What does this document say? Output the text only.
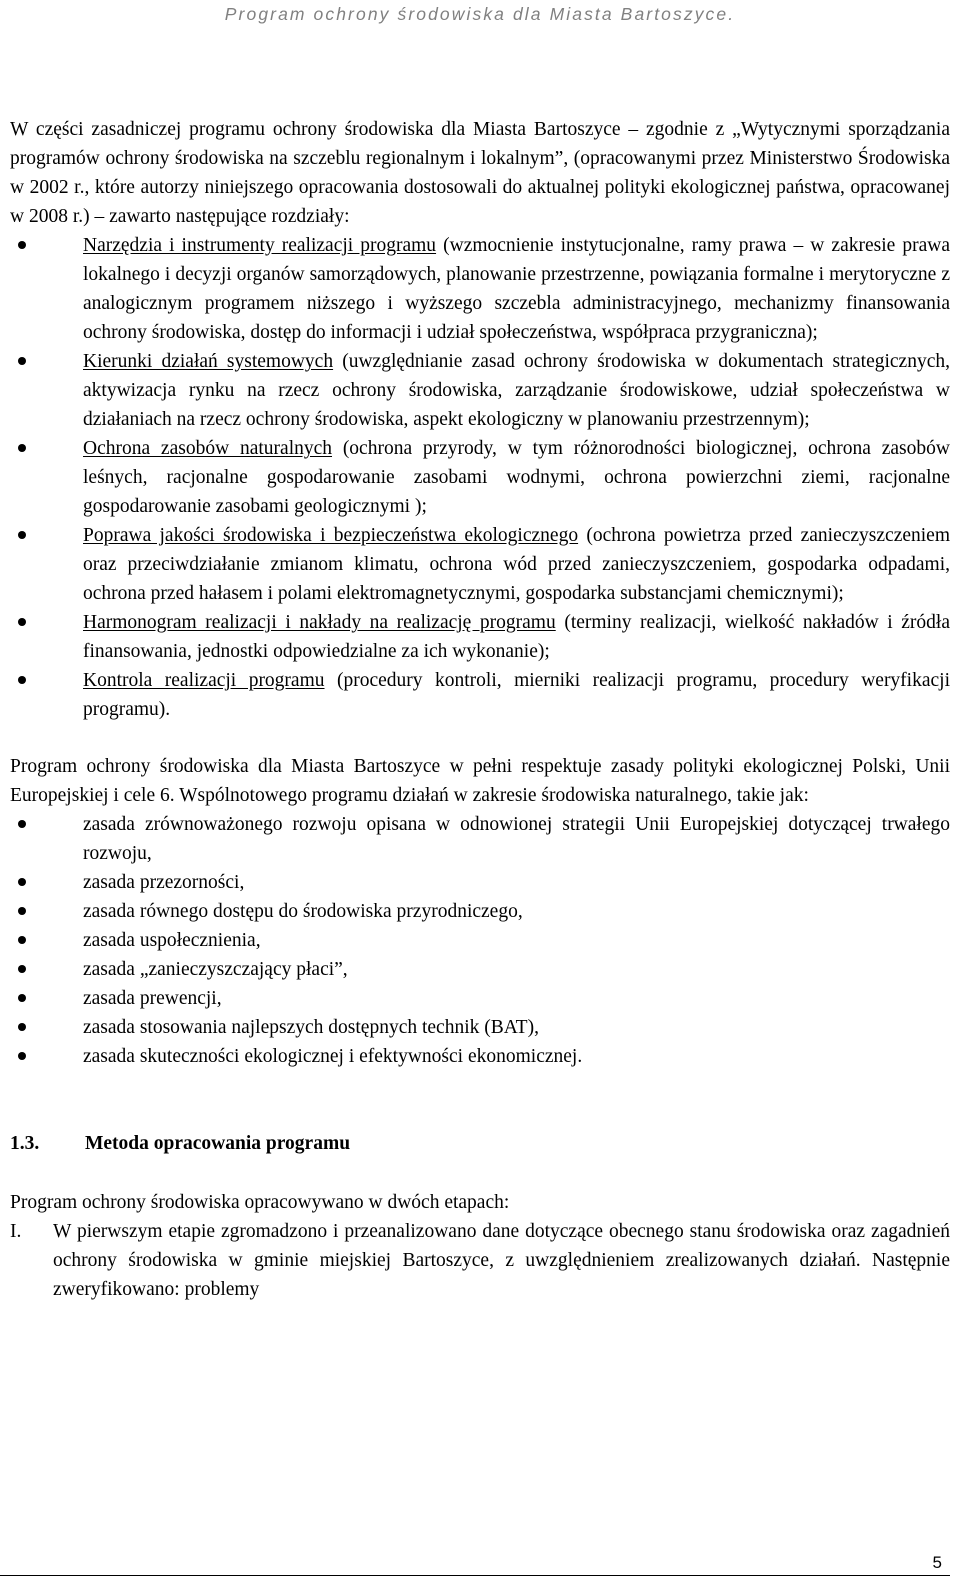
Program ochrony środowiska dla Miasta Bartoszyce.

W części zasadniczej programu ochrony środowiska dla Miasta Bartoszyce – zgodnie z „Wytycznymi sporządzania programów ochrony środowiska na szczeblu regionalnym i lokalnym”, (opracowanymi przez Ministerstwo Środowiska w 2002 r., które autorzy niniejszego opracowania dostosowali do aktualnej polityki ekologicznej państwa, opracowanej w 2008 r.) – zawarto następujące rozdziały:

Narzędzia i instrumenty realizacji programu (wzmocnienie instytucjonalne, ramy prawa – w zakresie prawa lokalnego i decyzji organów samorządowych, planowanie przestrzenne, powiązania formalne i merytoryczne z analogicznym programem niższego i wyższego szczebla administracyjnego, mechanizmy finansowania ochrony środowiska, dostęp do informacji i udział społeczeństwa, współpraca przygraniczna);
Kierunki działań systemowych (uwzględnianie zasad ochrony środowiska w dokumentach strategicznych, aktywizacja rynku na rzecz ochrony środowiska, zarządzanie środowiskowe, udział społeczeństwa w działaniach na rzecz ochrony środowiska, aspekt ekologiczny w planowaniu przestrzennym);
Ochrona zasobów naturalnych (ochrona przyrody, w tym różnorodności biologicznej, ochrona zasobów leśnych, racjonalne gospodarowanie zasobami wodnymi, ochrona powierzchni ziemi, racjonalne gospodarowanie zasobami geologicznymi );
Poprawa jakości środowiska i bezpieczeństwa ekologicznego (ochrona powietrza przed zanieczyszczeniem oraz przeciwdziałanie zmianom klimatu, ochrona wód przed zanieczyszczeniem, gospodarka odpadami, ochrona przed hałasem i polami elektromagnetycznymi, gospodarka substancjami chemicznymi);
Harmonogram realizacji i nakłady na realizację programu (terminy realizacji, wielkość nakładów i źródła finansowania, jednostki odpowiedzialne za ich wykonanie);
Kontrola realizacji programu (procedury kontroli, mierniki realizacji programu, procedury weryfikacji programu).

Program ochrony środowiska dla Miasta Bartoszyce w pełni respektuje zasady polityki ekologicznej Polski, Unii Europejskiej i cele 6. Wspólnotowego programu działań w zakresie środowiska naturalnego, takie jak:

zasada zrównoważonego rozwoju opisana w odnowionej strategii Unii Europejskiej dotyczącej trwałego rozwoju,
zasada przezorności,
zasada równego dostępu do środowiska przyrodniczego,
zasada uspołecznienia,
zasada „zanieczyszczający płaci”,
zasada prewencji,
zasada stosowania najlepszych dostępnych technik (BAT),
zasada skuteczności ekologicznej i efektywności ekonomicznej.

1.3. Metoda opracowania programu

Program ochrony środowiska opracowywano w dwóch etapach:

I. W pierwszym etapie zgromadzono i przeanalizowano dane dotyczące obecnego stanu środowiska oraz zagadnień ochrony środowiska w gminie miejskiej Bartoszyce, z uwzględnieniem zrealizowanych działań. Następnie zweryfikowano: problemy

5
